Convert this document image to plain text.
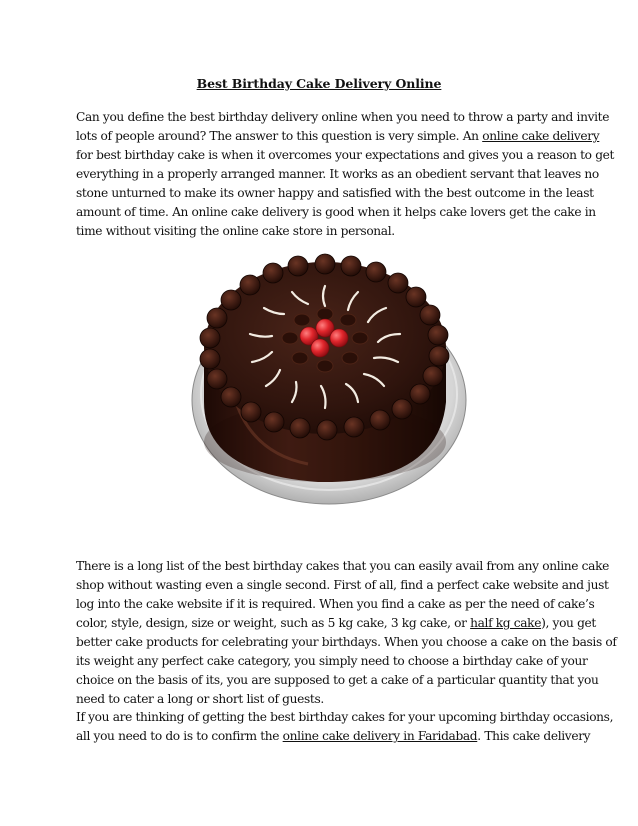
Best Birthday Cake Delivery Online

Can you define the best birthday delivery online when you need to throw a party and invite
lots of people around? The answer to this question is very simple. An online cake delivery
for best birthday cake is when it overcomes your expectations and gives you a reason to get
everything in a properly arranged manner. It works as an obedient servant that leaves no
stone unturned to make its owner happy and satisfied with the best outcome in the least
amount of time. An online cake delivery is good when it helps cake lovers get the cake in
time without visiting the online cake store in personal.

There is a long list of the best birthday cakes that you can easily avail from any online cake
shop without wasting even a single second. First of all, find a perfect cake website and just
log into the cake website if it is required. When you find a cake as per the need of cake’s
color, style, design, size or weight, such as 5 kg cake, 3 kg cake, or half kg cake), you get
better cake products for celebrating your birthdays. When you choose a cake on the basis of
its weight any perfect cake category, you simply need to choose a birthday cake of your
choice on the basis of its, you are supposed to get a cake of a particular quantity that you
need to cater a long or short list of guests.

If you are thinking of getting the best birthday cakes for your upcoming birthday occasions,
all you need to do is to confirm the online cake delivery in Faridabad. This cake delivery
